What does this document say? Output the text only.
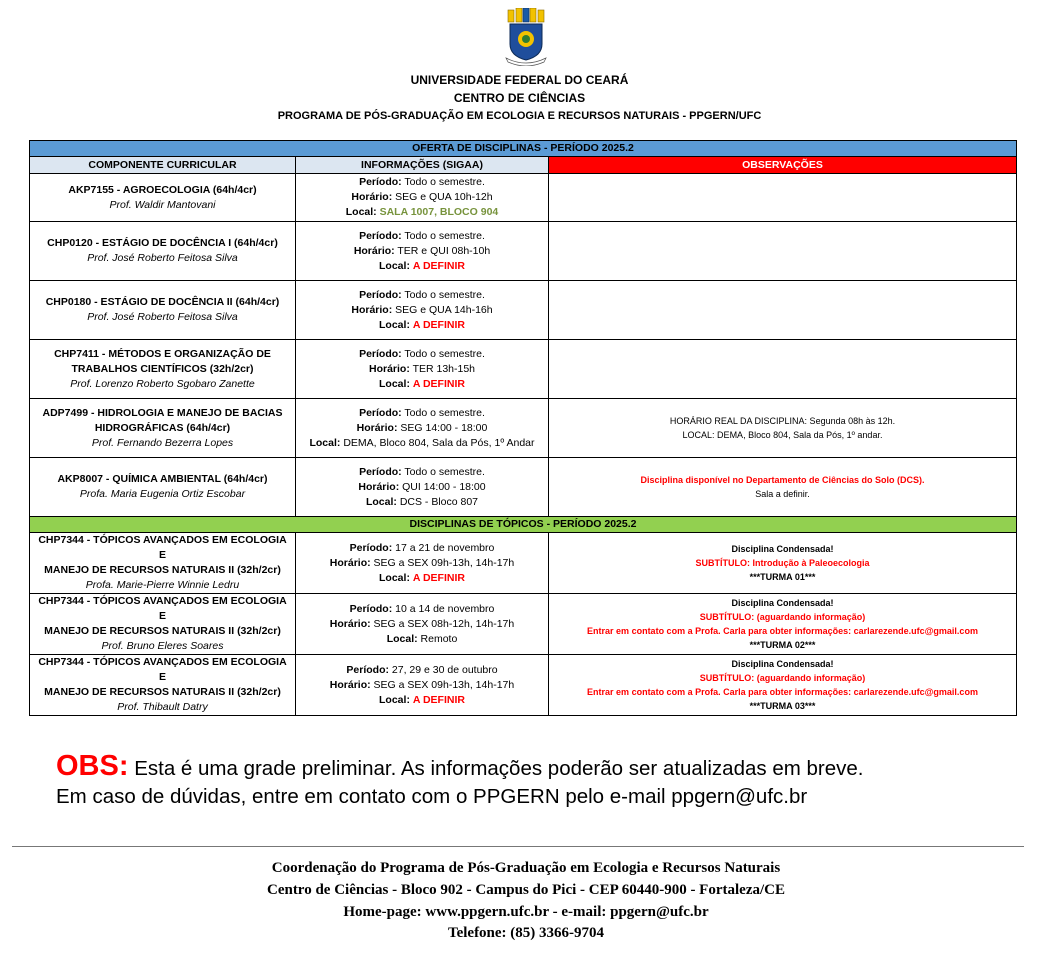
UNIVERSIDADE FEDERAL DO CEARÁ
CENTRO DE CIÊNCIAS
PROGRAMA DE PÓS-GRADUAÇÃO EM ECOLOGIA E RECURSOS NATURAIS - PPGERN/UFC
OFERTA DE DISCIPLINAS - PERÍODO 2025.2		
COMPONENTE CURRICULAR	INFORMAÇÕES (SIGAA)	OBSERVAÇÕES

AKP7155 - AGROECOLOGIA (64h/4cr)
Prof. Waldir Mantovani	Período: Todo o semestre.
Horário: SEG e QUA 10h-12h
Local: SALA 1007, BLOCO 904	

CHP0120 - ESTÁGIO DE DOCÊNCIA I (64h/4cr)
Prof. José Roberto Feitosa Silva	Período: Todo o semestre.
Horário: TER e QUI 08h-10h
Local: A DEFINIR	

CHP0180 - ESTÁGIO DE DOCÊNCIA II (64h/4cr)
Prof. José Roberto Feitosa Silva	Período: Todo o semestre.
Horário: SEG e QUA 14h-16h
Local: A DEFINIR	

CHP7411 - MÉTODOS E ORGANIZAÇÃO DE
TRABALHOS CIENTÍFICOS (32h/2cr)
Prof. Lorenzo Roberto Sgobaro Zanette	Período: Todo o semestre.
Horário: TER 13h-15h
Local: A DEFINIR	

ADP7499 - HIDROLOGIA E MANEJO DE BACIAS
HIDROGRÁFICAS (64h/4cr)
Prof. Fernando Bezerra Lopes	Período: Todo o semestre.
Horário: SEG 14:00 - 18:00
Local: DEMA, Bloco 804, Sala da Pós, 1º Andar	HORÁRIO REAL DA DISCIPLINA: Segunda 08h às 12h.
LOCAL: DEMA, Bloco 804, Sala da Pós, 1º andar.

AKP8007 - QUÍMICA AMBIENTAL (64h/4cr)
Profa. Maria Eugenia Ortiz Escobar	Período: Todo o semestre.
Horário: QUI 14:00 - 18:00
Local: DCS - Bloco 807	Disciplina disponível no Departamento de Ciências do Solo (DCS).
Sala a definir.

DISCIPLINAS DE TÓPICOS - PERÍODO 2025.2		

CHP7344 - TÓPICOS AVANÇADOS EM ECOLOGIA E
MANEJO DE RECURSOS NATURAIS II (32h/2cr)
Profa. Marie-Pierre Winnie Ledru	Período: 17 a 21 de novembro
Horário: SEG a SEX 09h-13h, 14h-17h
Local: A DEFINIR	Disciplina Condensada!
SUBTÍTULO: Introdução à Paleoecologia
***TURMA 01***

CHP7344 - TÓPICOS AVANÇADOS EM ECOLOGIA E
MANEJO DE RECURSOS NATURAIS II (32h/2cr)
Prof. Bruno Eleres Soares	Período: 10 a 14 de novembro
Horário: SEG a SEX 08h-12h, 14h-17h
Local: Remoto	Disciplina Condensada!
SUBTÍTULO: (aguardando informação)
Entrar em contato com a Profa. Carla para obter informações: carlarezende.ufc@gmail.com
***TURMA 02***

CHP7344 - TÓPICOS AVANÇADOS EM ECOLOGIA E
MANEJO DE RECURSOS NATURAIS II (32h/2cr)
Prof. Thibault Datry	Período: 27, 29 e 30 de outubro
Horário: SEG a SEX 09h-13h, 14h-17h
Local: A DEFINIR	Disciplina Condensada!
SUBTÍTULO: (aguardando informação)
Entrar em contato com a Profa. Carla para obter informações: carlarezende.ufc@gmail.com
***TURMA 03***
OBS: Esta é uma grade preliminar. As informações poderão ser atualizadas em breve.
Em caso de dúvidas, entre em contato com o PPGERN pelo e-mail ppgern@ufc.br
Coordenação do Programa de Pós-Graduação em Ecologia e Recursos Naturais
Centro de Ciências - Bloco 902 - Campus do Pici - CEP 60440-900 - Fortaleza/CE
Home-page: www.ppgern.ufc.br - e-mail: ppgern@ufc.br
Telefone: (85) 3366-9704
